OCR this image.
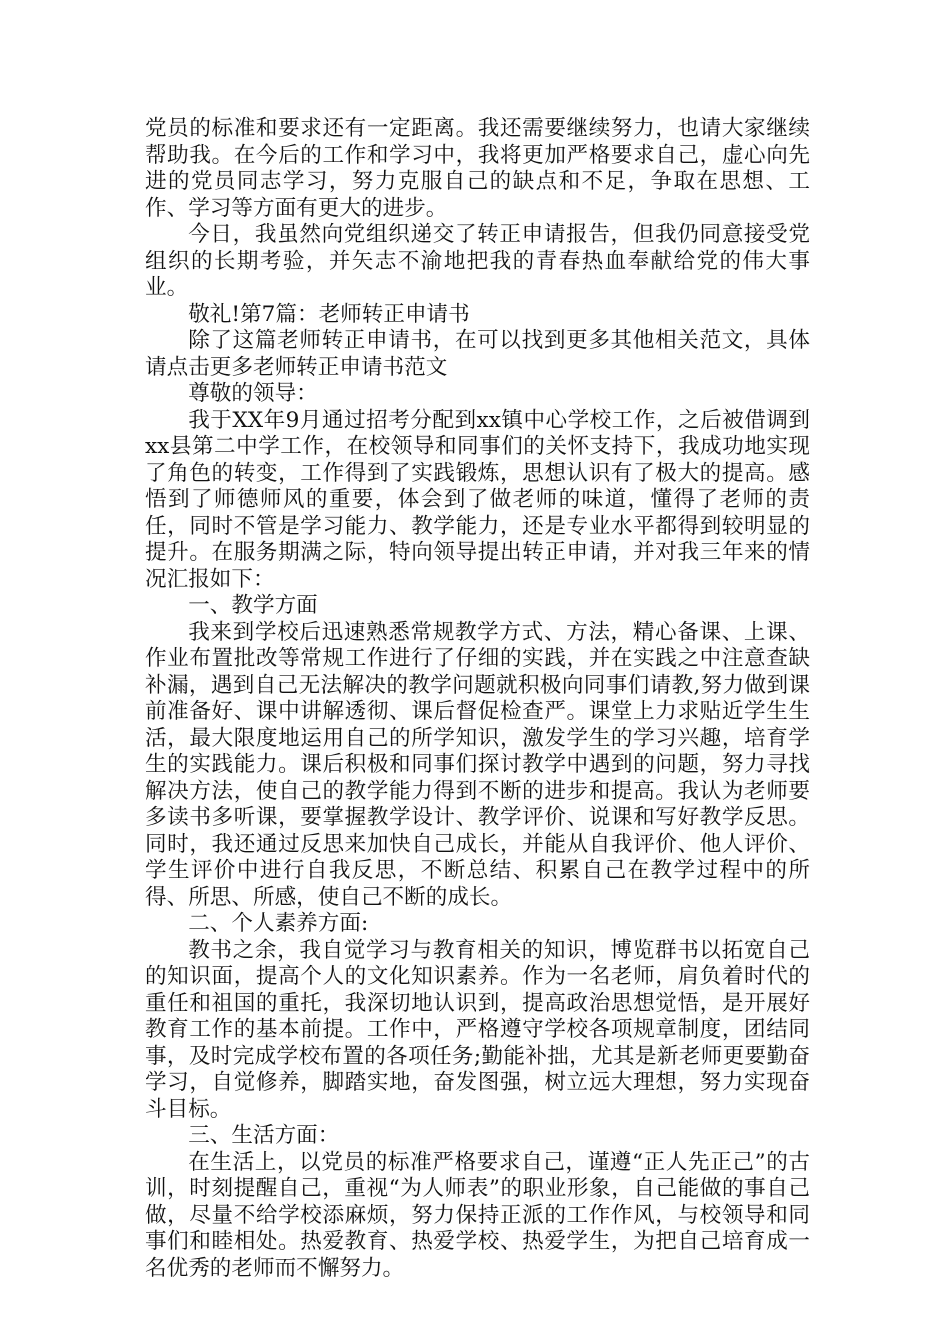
党员的标准和要求还有一定距离。我还需要继续努力，也请大家继续帮助我。在今后的工作和学习中，我将更加严格要求自己，虚心向先进的党员同志学习，努力克服自己的缺点和不足，争取在思想、工作、学习等方面有更大的进步。

今日，我虽然向党组织递交了转正申请报告，但我仍同意接受党组织的长期考验，并矢志不渝地把我的青春热血奉献给党的伟大事业。

敬礼!第7篇：老师转正申请书

除了这篇老师转正申请书，在可以找到更多其他相关范文，具体请点击更多老师转正申请书范文

尊敬的领导：

我于XX年9月通过招考分配到xx镇中心学校工作，之后被借调到xx县第二中学工作，在校领导和同事们的关怀支持下，我成功地实现了角色的转变，工作得到了实践锻炼，思想认识有了极大的提高。感悟到了师德师风的重要，体会到了做老师的味道，懂得了老师的责任，同时不管是学习能力、教学能力，还是专业水平都得到较明显的提升。在服务期满之际，特向领导提出转正申请，并对我三年来的情况汇报如下：

一、教学方面

我来到学校后迅速熟悉常规教学方式、方法，精心备课、上课、作业布置批改等常规工作进行了仔细的实践，并在实践之中注意查缺补漏，遇到自己无法解决的教学问题就积极向同事们请教,努力做到课前准备好、课中讲解透彻、课后督促检查严。课堂上力求贴近学生生活，最大限度地运用自己的所学知识，激发学生的学习兴趣，培育学生的实践能力。课后积极和同事们探讨教学中遇到的问题，努力寻找解决方法，使自己的教学能力得到不断的进步和提高。我认为老师要多读书多听课，要掌握教学设计、教学评价、说课和写好教学反思。同时，我还通过反思来加快自己成长，并能从自我评价、他人评价、学生评价中进行自我反思，不断总结、积累自己在教学过程中的所得、所思、所感，使自己不断的成长。

二、个人素养方面:

教书之余，我自觉学习与教育相关的知识，博览群书以拓宽自己的知识面，提高个人的文化知识素养。作为一名老师，肩负着时代的重任和祖国的重托，我深切地认识到，提高政治思想觉悟，是开展好教育工作的基本前提。工作中，严格遵守学校各项规章制度，团结同事，及时完成学校布置的各项任务;勤能补拙，尤其是新老师更要勤奋学习，自觉修养，脚踏实地，奋发图强，树立远大理想，努力实现奋斗目标。

三、生活方面：

在生活上，以党员的标准严格要求自己，谨遵“正人先正己”的古训，时刻提醒自己，重视“为人师表”的职业形象，自己能做的事自己做，尽量不给学校添麻烦，努力保持正派的工作作风，与校领导和同事们和睦相处。热爱教育、热爱学校、热爱学生，为把自己培育成一名优秀的老师而不懈努力。
